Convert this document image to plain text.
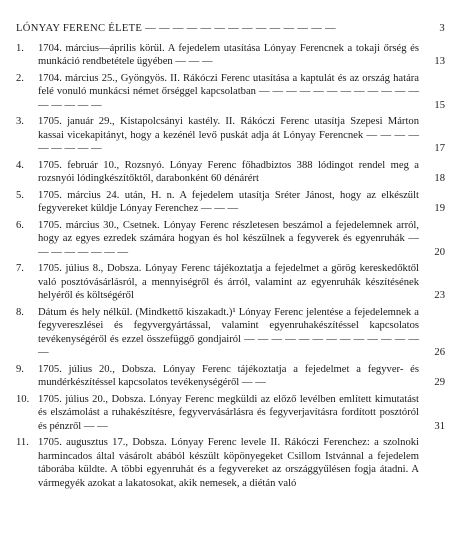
LÓNYAY FERENC ÉLETE — — — — — — — — — — — — — —	3
1.	1704. március—április körül. A fejedelem utasítása Lónyay Ferencnek a tokaji őrség és munkáció rendbetétele ügyében — — —	13
2.	1704. március 25., Gyöngyös. II. Rákóczi Ferenc utasítása a kaptulát és az ország határa felé vonuló munkácsi német őrséggel kapcsolatban — — — — — — — — — — — — — — — — —	15
3.	1705. január 29., Kistapolcsányi kastély. II. Rákóczi Ferenc utasítja Szepesi Márton kassai vicekapitányt, hogy a kezénél levő puskát adja át Lónyay Ferencnek — — — — — — — — —	17
4.	1705. február 10., Rozsnyó. Lónyay Ferenc főhadbiztos 388 lódingot rendel meg a rozsnyói lódingkészítőktől, darabonként 60 dénárért	18
5.	1705. március 24. után, H. n. A fejedelem utasítja Sréter Jánost, hogy az elkészült fegyvereket küldje Lónyay Ferenchez — — —	19
6.	1705. március 30., Csetnek. Lónyay Ferenc részletesen beszámol a fejedelemnek arról, hogy az egyes ezredek számára hogyan és hol készülnek a fegyverek és egyenruhák — — — — — — — —	20
7.	1705. július 8., Dobsza. Lónyay Ferenc tájékoztatja a fejedelmet a görög kereskedőktől való posztóvásárlásról, a mennyiségről és árról, valamint az egyenruhák készítésének helyéről és költségéről	23
8.	Dátum és hely nélkül. (Mindkettő kiszakadt.)¹ Lónyay Ferenc jelentése a fejedelemnek a fegyvereszlései és fegyvergyártással, valamint egyenruhakészítéssel kapcsolatos tevékenységéről és ezzel összefüggő gondjairól — — — — — — — — — — — — — —	26
9.	1705. július 20., Dobsza. Lónyay Ferenc tájékoztatja a fejedelmet a fegyver- és mundérkészítéssel kapcsolatos tevékenységéről — —	29
10. 1705. július 20., Dobsza. Lónyay Ferenc megküldi az előző levélben említett kimutatást és elszámolást a ruhakészítésre, fegyvervásárlásra és fegyverjavításra fordított posztóról és pénzről — —	31
11. 1705. augusztus 17., Dobsza. Lónyay Ferenc levele II. Rákóczi Ferenchez: a szolnoki harmincados által vásárolt abából készült köpönyegeket Csillom Istvánnal a fejedelem táborába küldte. A többi egyenruhát és a fegyvereket az országgyűlésen fogja átadni. A vármegyék azokat a lakatosokat, akik nemesek, a diétán való
